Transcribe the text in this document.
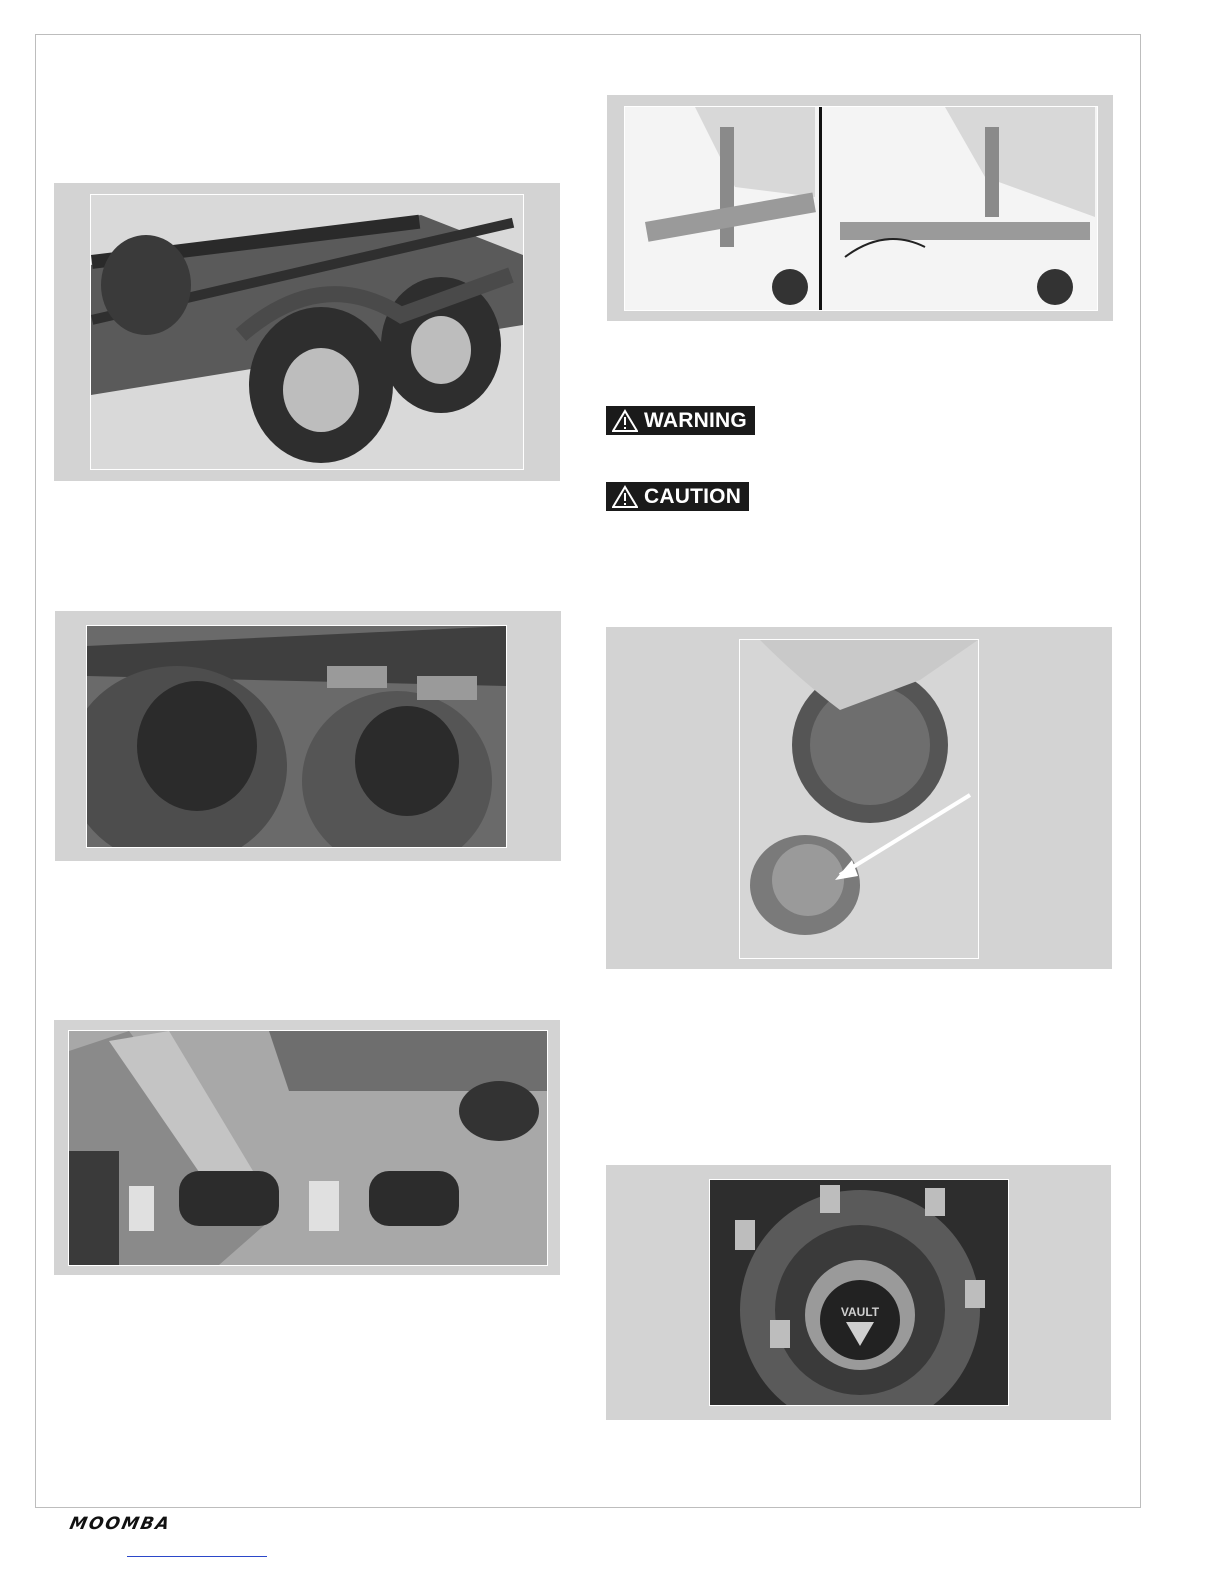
WARNING
CAUTION
VAULT
MOOMBA
